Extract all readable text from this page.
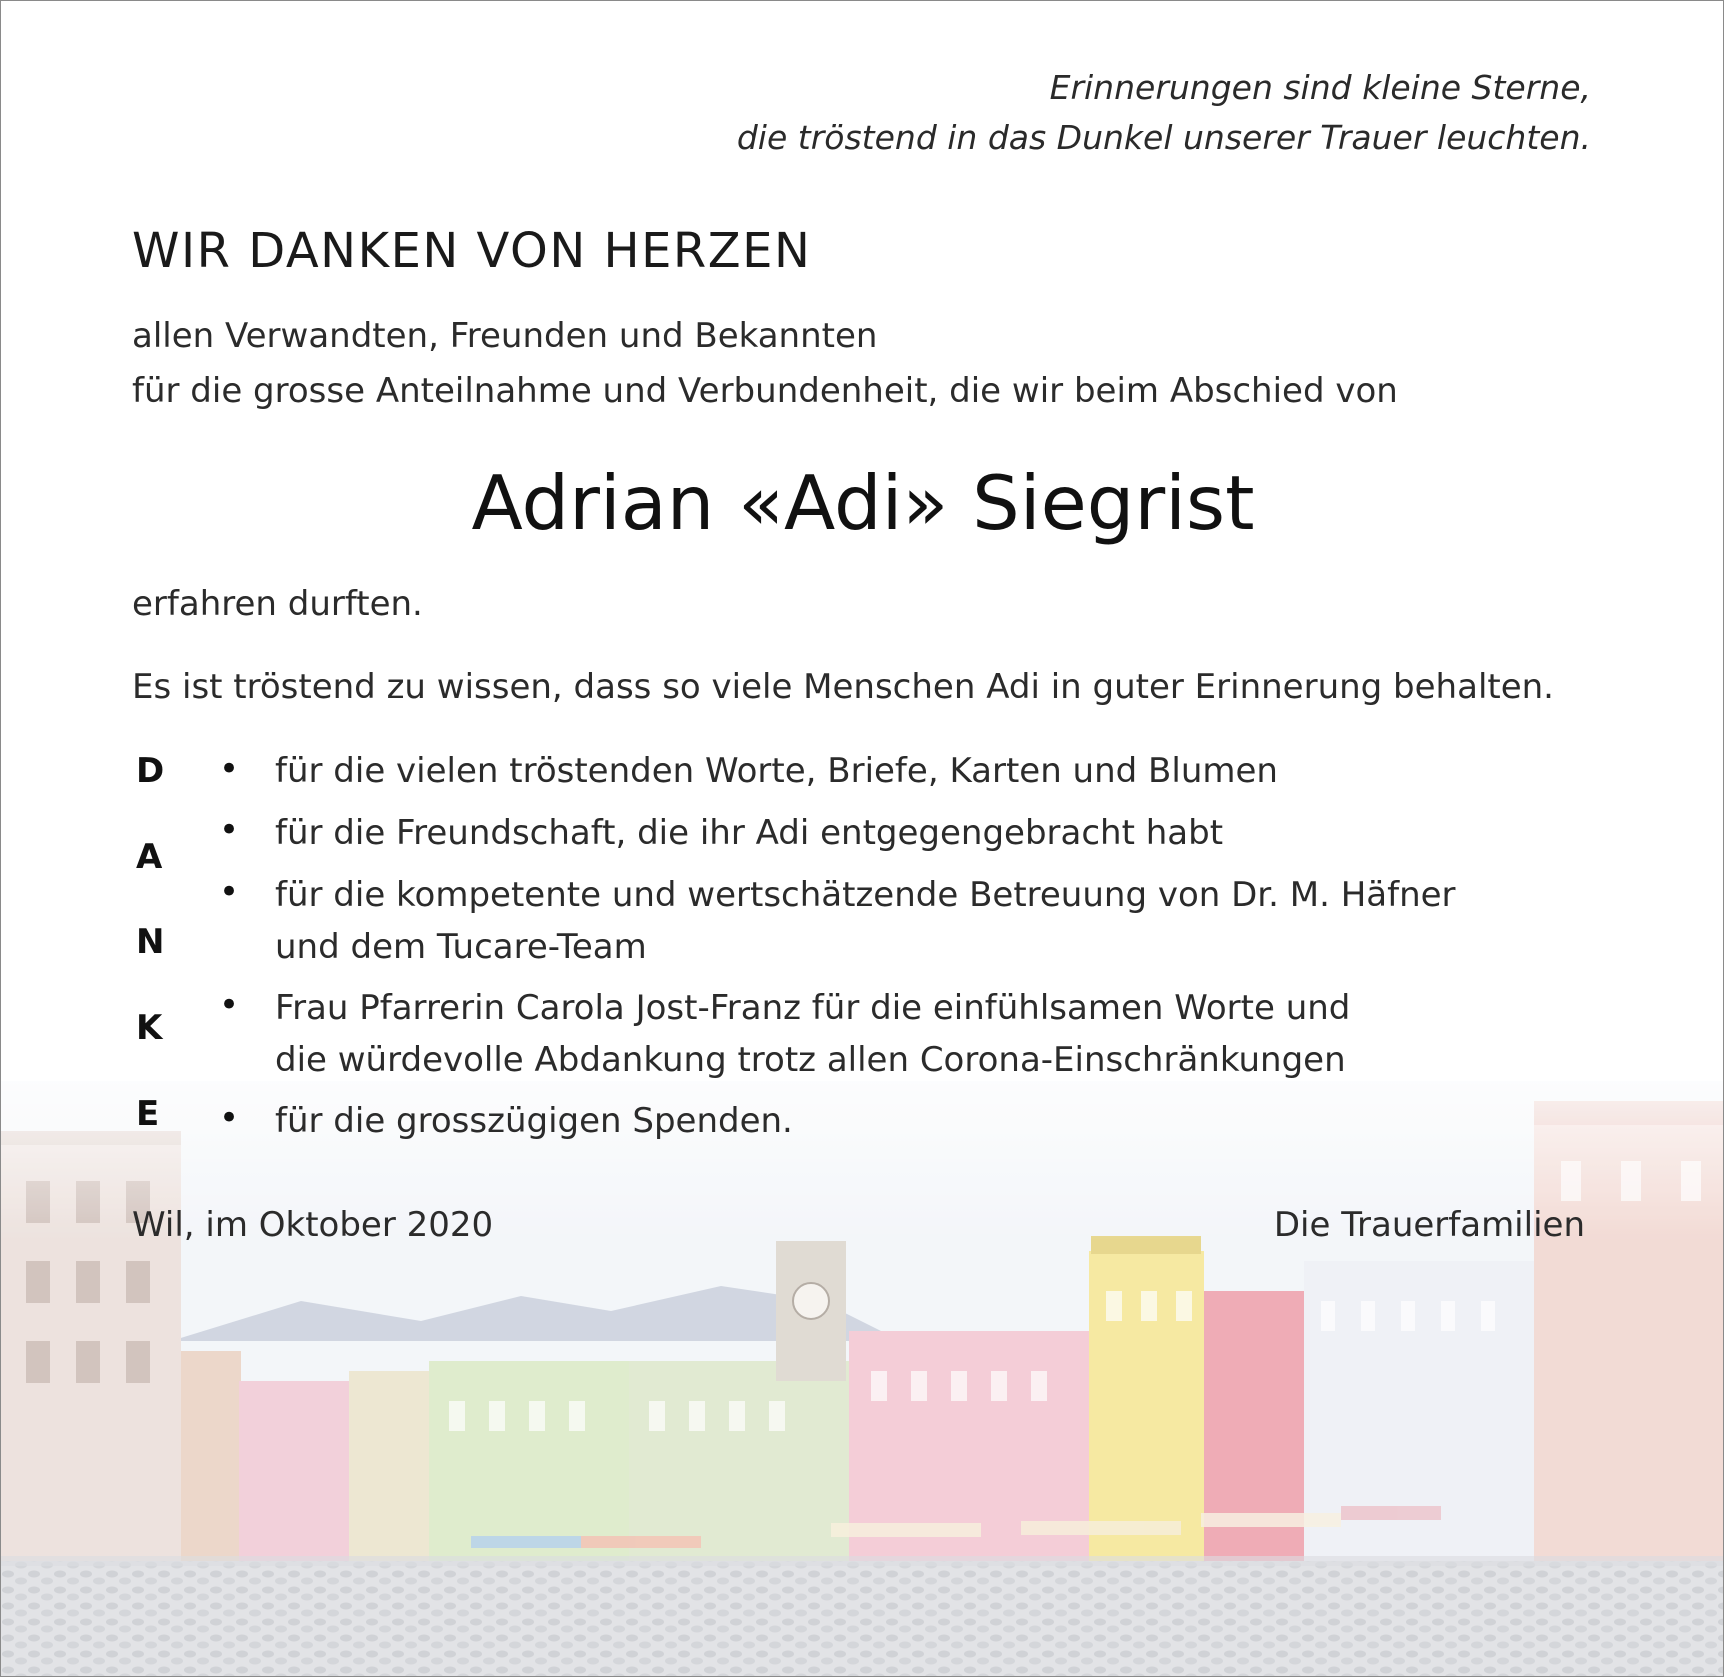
Erinnerungen sind kleine Sterne,
die tröstend in das Dunkel unserer Trauer leuchten.
WIR DANKEN VON HERZEN
allen Verwandten, Freunden und Bekannten
für die grosse Anteilnahme und Verbundenheit, die wir beim Abschied von
Adrian «Adi» Siegrist
erfahren durften.
Es ist tröstend zu wissen, dass so viele Menschen Adi in guter Erinnerung behalten.
D
A
N
K
E
•
•
•
•
•
für die vielen tröstenden Worte, Briefe, Karten und Blumen
für die Freundschaft, die ihr Adi entgegengebracht habt
für die kompetente und wertschätzende Betreuung von Dr. M. Häfner
und dem Tucare-Team
Frau Pfarrerin Carola Jost-Franz für die einfühlsamen Worte und
die würdevolle Abdankung trotz allen Corona-Einschränkungen
für die grosszügigen Spenden.
Wil, im Oktober 2020	Die Trauerfamilien
